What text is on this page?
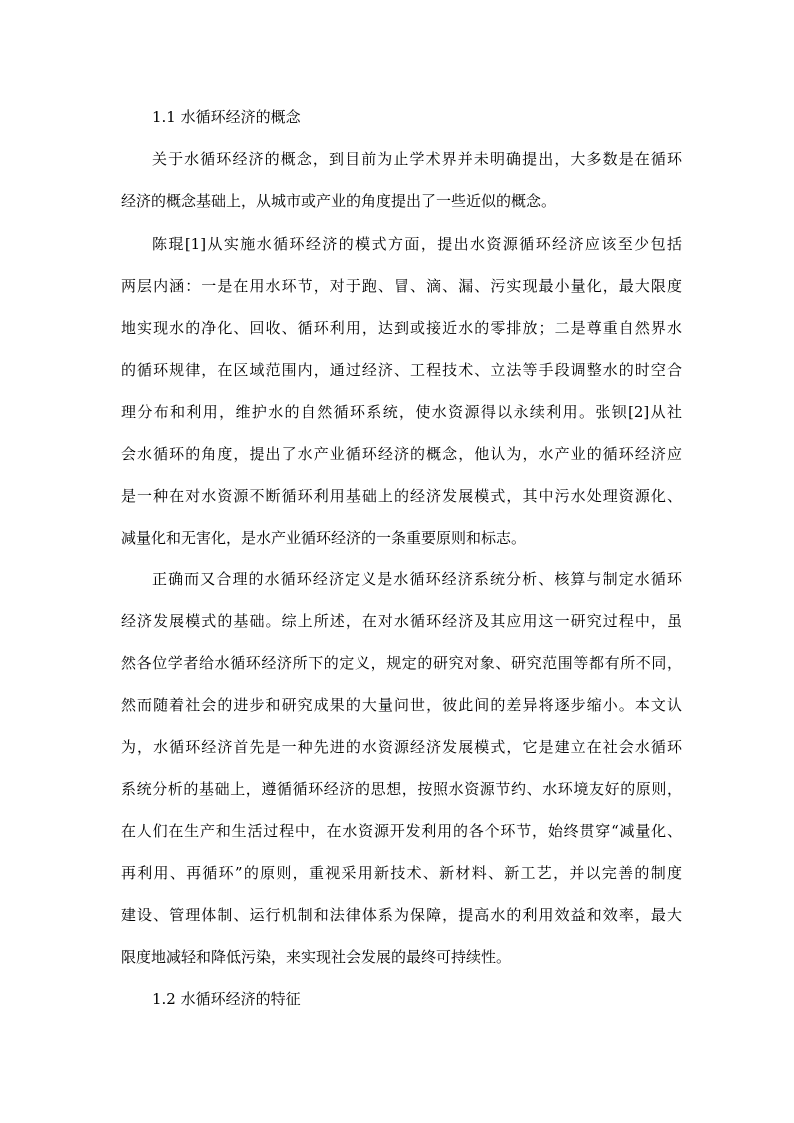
1.1 水循环经济的概念
关于水循环经济的概念，到目前为止学术界并未明确提出，大多数是在循环
经济的概念基础上，从城市或产业的角度提出了一些近似的概念。
陈琨[1]从实施水循环经济的模式方面，提出水资源循环经济应该至少包括
两层内涵：一是在用水环节，对于跑、冒、滴、漏、污实现最小量化，最大限度
地实现水的净化、回收、循环利用，达到或接近水的零排放；二是尊重自然界水
的循环规律，在区域范围内，通过经济、工程技术、立法等手段调整水的时空合
理分布和利用，维护水的自然循环系统，使水资源得以永续利用。张钡[2]从社
会水循环的角度，提出了水产业循环经济的概念，他认为，水产业的循环经济应
是一种在对水资源不断循环利用基础上的经济发展模式，其中污水处理资源化、
减量化和无害化，是水产业循环经济的一条重要原则和标志。
正确而又合理的水循环经济定义是水循环经济系统分析、核算与制定水循环
经济发展模式的基础。综上所述，在对水循环经济及其应用这一研究过程中，虽
然各位学者给水循环经济所下的定义，规定的研究对象、研究范围等都有所不同，
然而随着社会的进步和研究成果的大量问世，彼此间的差异将逐步缩小。本文认
为，水循环经济首先是一种先进的水资源经济发展模式，它是建立在社会水循环
系统分析的基础上，遵循循环经济的思想，按照水资源节约、水环境友好的原则，
在人们在生产和生活过程中，在水资源开发利用的各个环节，始终贯穿“减量化、
再利用、再循环”的原则，重视采用新技术、新材料、新工艺，并以完善的制度
建设、管理体制、运行机制和法律体系为保障，提高水的利用效益和效率，最大
限度地减轻和降低污染，来实现社会发展的最终可持续性。
1.2 水循环经济的特征
